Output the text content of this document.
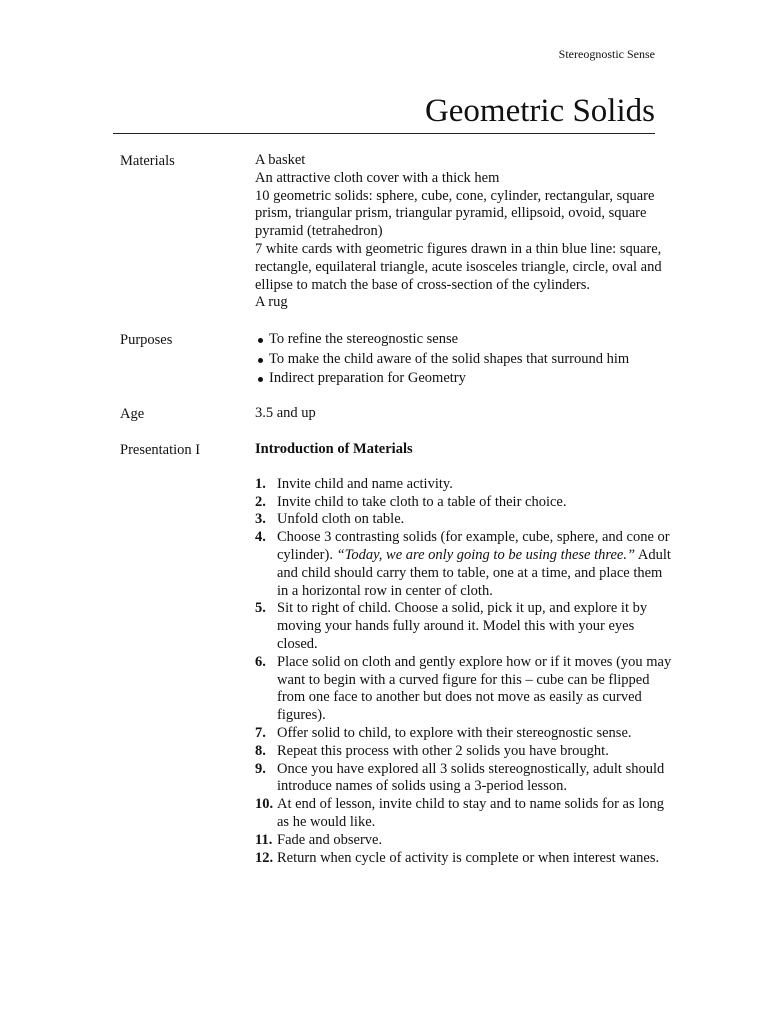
Stereognostic Sense
Geometric Solids
Materials	A basket
An attractive cloth cover with a thick hem
10 geometric solids: sphere, cube, cone, cylinder, rectangular, square prism, triangular prism, triangular pyramid, ellipsoid, ovoid, square pyramid (tetrahedron)
7 white cards with geometric figures drawn in a thin blue line: square, rectangle, equilateral triangle, acute isosceles triangle, circle, oval and ellipse to match the base of cross-section of the cylinders.
A rug
Purposes	To refine the stereognostic sense
To make the child aware of the solid shapes that surround him
Indirect preparation for Geometry
Age	3.5 and up
Presentation I	Introduction of Materials
1. Invite child and name activity.
2. Invite child to take cloth to a table of their choice.
3. Unfold cloth on table.
4. Choose 3 contrasting solids (for example, cube, sphere, and cone or cylinder). “Today, we are only going to be using these three.” Adult and child should carry them to table, one at a time, and place them in a horizontal row in center of cloth.
5. Sit to right of child. Choose a solid, pick it up, and explore it by moving your hands fully around it. Model this with your eyes closed.
6. Place solid on cloth and gently explore how or if it moves (you may want to begin with a curved figure for this – cube can be flipped from one face to another but does not move as easily as curved figures).
7. Offer solid to child, to explore with their stereognostic sense.
8. Repeat this process with other 2 solids you have brought.
9. Once you have explored all 3 solids stereognostically, adult should introduce names of solids using a 3-period lesson.
10. At end of lesson, invite child to stay and to name solids for as long as he would like.
11. Fade and observe.
12. Return when cycle of activity is complete or when interest wanes.
